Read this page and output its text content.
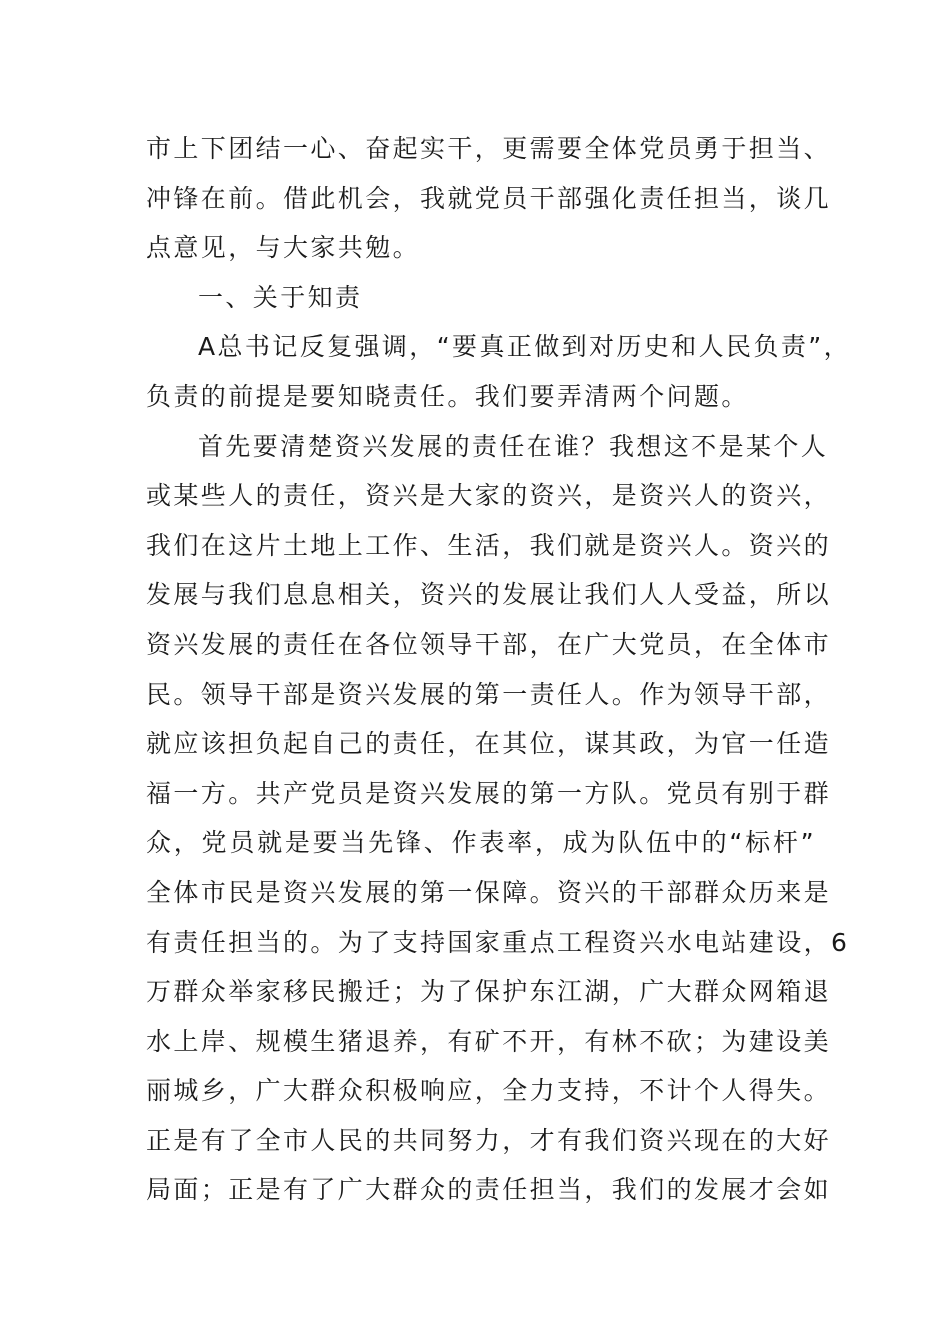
市上下团结一心、奋起实干，更需要全体党员勇于担当、
冲锋在前。借此机会，我就党员干部强化责任担当，谈几
点意见，与大家共勉。
一、关于知责
A总书记反复强调，“要真正做到对历史和人民负责”，
负责的前提是要知晓责任。我们要弄清两个问题。
首先要清楚资兴发展的责任在谁？我想这不是某个人
或某些人的责任，资兴是大家的资兴，是资兴人的资兴，
我们在这片土地上工作、生活，我们就是资兴人。资兴的
发展与我们息息相关，资兴的发展让我们人人受益，所以
资兴发展的责任在各位领导干部，在广大党员，在全体市
民。领导干部是资兴发展的第一责任人。作为领导干部，
就应该担负起自己的责任，在其位，谋其政，为官一任造
福一方。共产党员是资兴发展的第一方队。党员有别于群
众，党员就是要当先锋、作表率，成为队伍中的“标杆”
全体市民是资兴发展的第一保障。资兴的干部群众历来是
有责任担当的。为了支持国家重点工程资兴水电站建设，6
万群众举家移民搬迁；为了保护东江湖，广大群众网箱退
水上岸、规模生猪退养，有矿不开，有林不砍；为建设美
丽城乡，广大群众积极响应，全力支持，不计个人得失。
正是有了全市人民的共同努力，才有我们资兴现在的大好
局面；正是有了广大群众的责任担当，我们的发展才会如
